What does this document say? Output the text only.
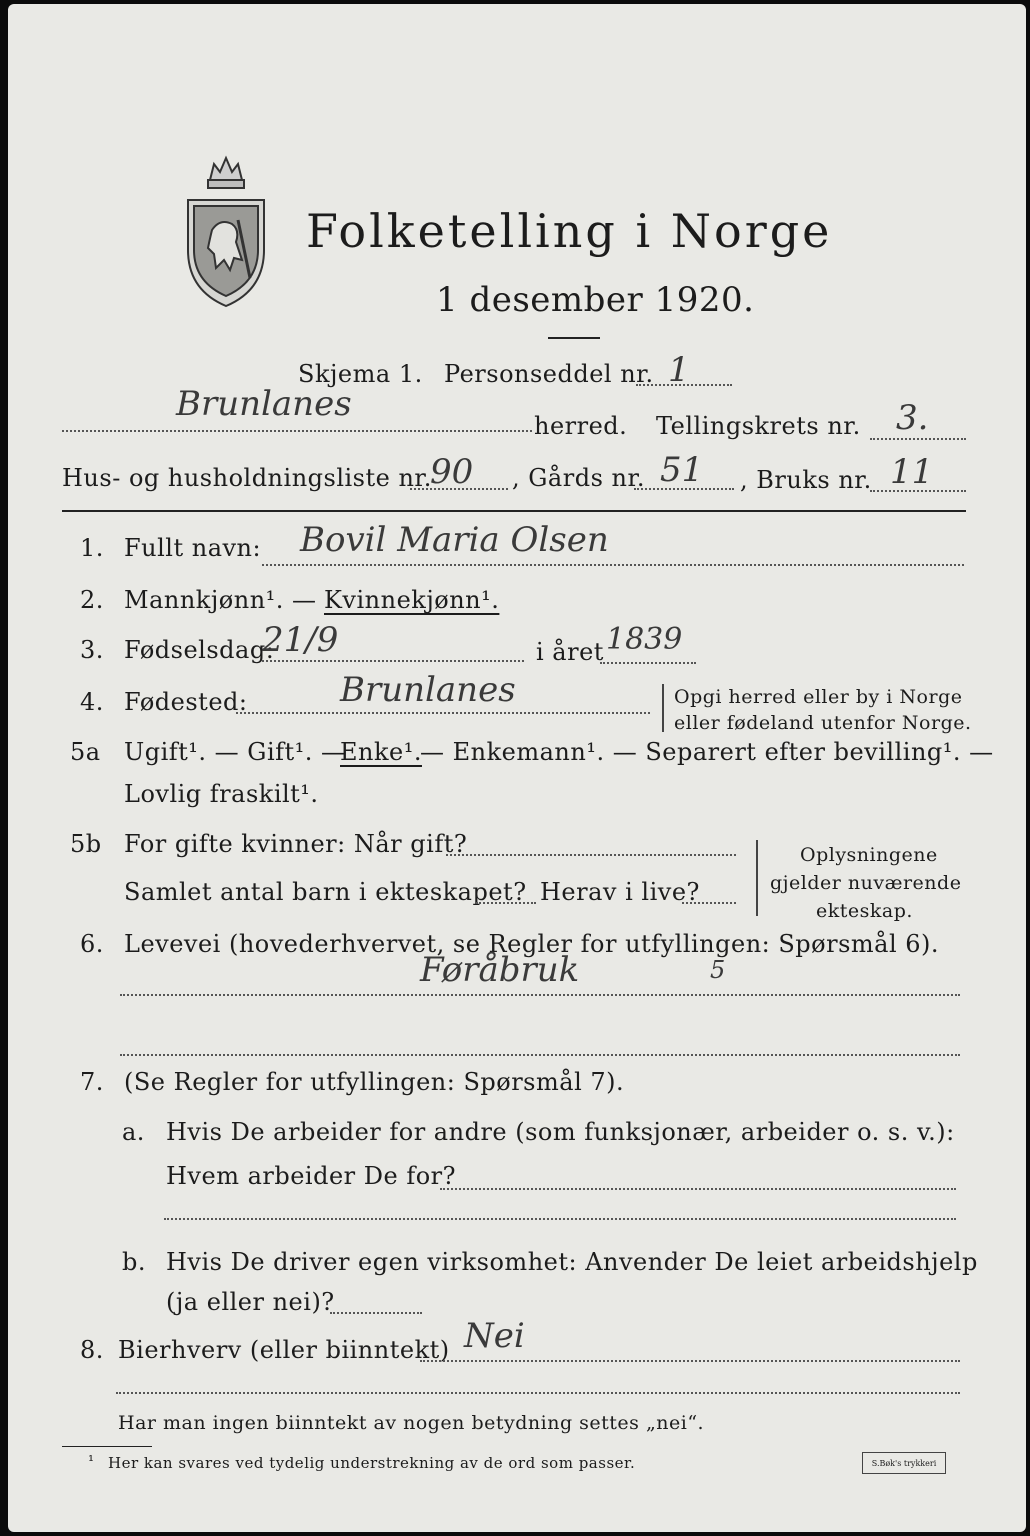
Folketelling i Norge
1 desember 1920.
Skjema 1. Personseddel nr. 1
Brunlanes
herred. Tellingskrets nr. 3.
Hus- og husholdningsliste nr.
90 , Gårds nr. 51 , Bruks nr. 11
1. Fullt navn: Bovil Maria Olsen
2. Mannkjønn¹. — Kvinnekjønn¹.
3. Fødselsdag:
21/9	i året 1839
4. Fødested:	Brunlanes	Opgi herred eller by i Norge
eller fødeland utenfor Norge.
5a Ugift¹. — Gift¹. —
Enke¹.
— Enkemann¹. — Separert efter bevilling¹. —
Lovlig fraskilt¹.
5b For gifte kvinner: Når gift?
Samlet antal barn i ekteskapet? Herav i live?
Oplysningene
gjelder nuværende
ekteskap.
6. Levevei (hovederhvervet, se Regler for utfyllingen: Spørsmål 6).
Føråbruk	5
7. (Se Regler for utfyllingen: Spørsmål 7).
a. Hvis De arbeider for andre (som funksjonær, arbeider o. s. v.):
Hvem arbeider De for?
b. Hvis De driver egen virksomhet: Anvender De leiet arbeidshjelp
(ja eller nei)?
8. Bierhverv (eller biinntekt) Nei
Har man ingen biinntekt av nogen betydning settes „nei“.
¹ Her kan svares ved tydelig understrekning av de ord som passer.	S.Bøk's trykkeri
